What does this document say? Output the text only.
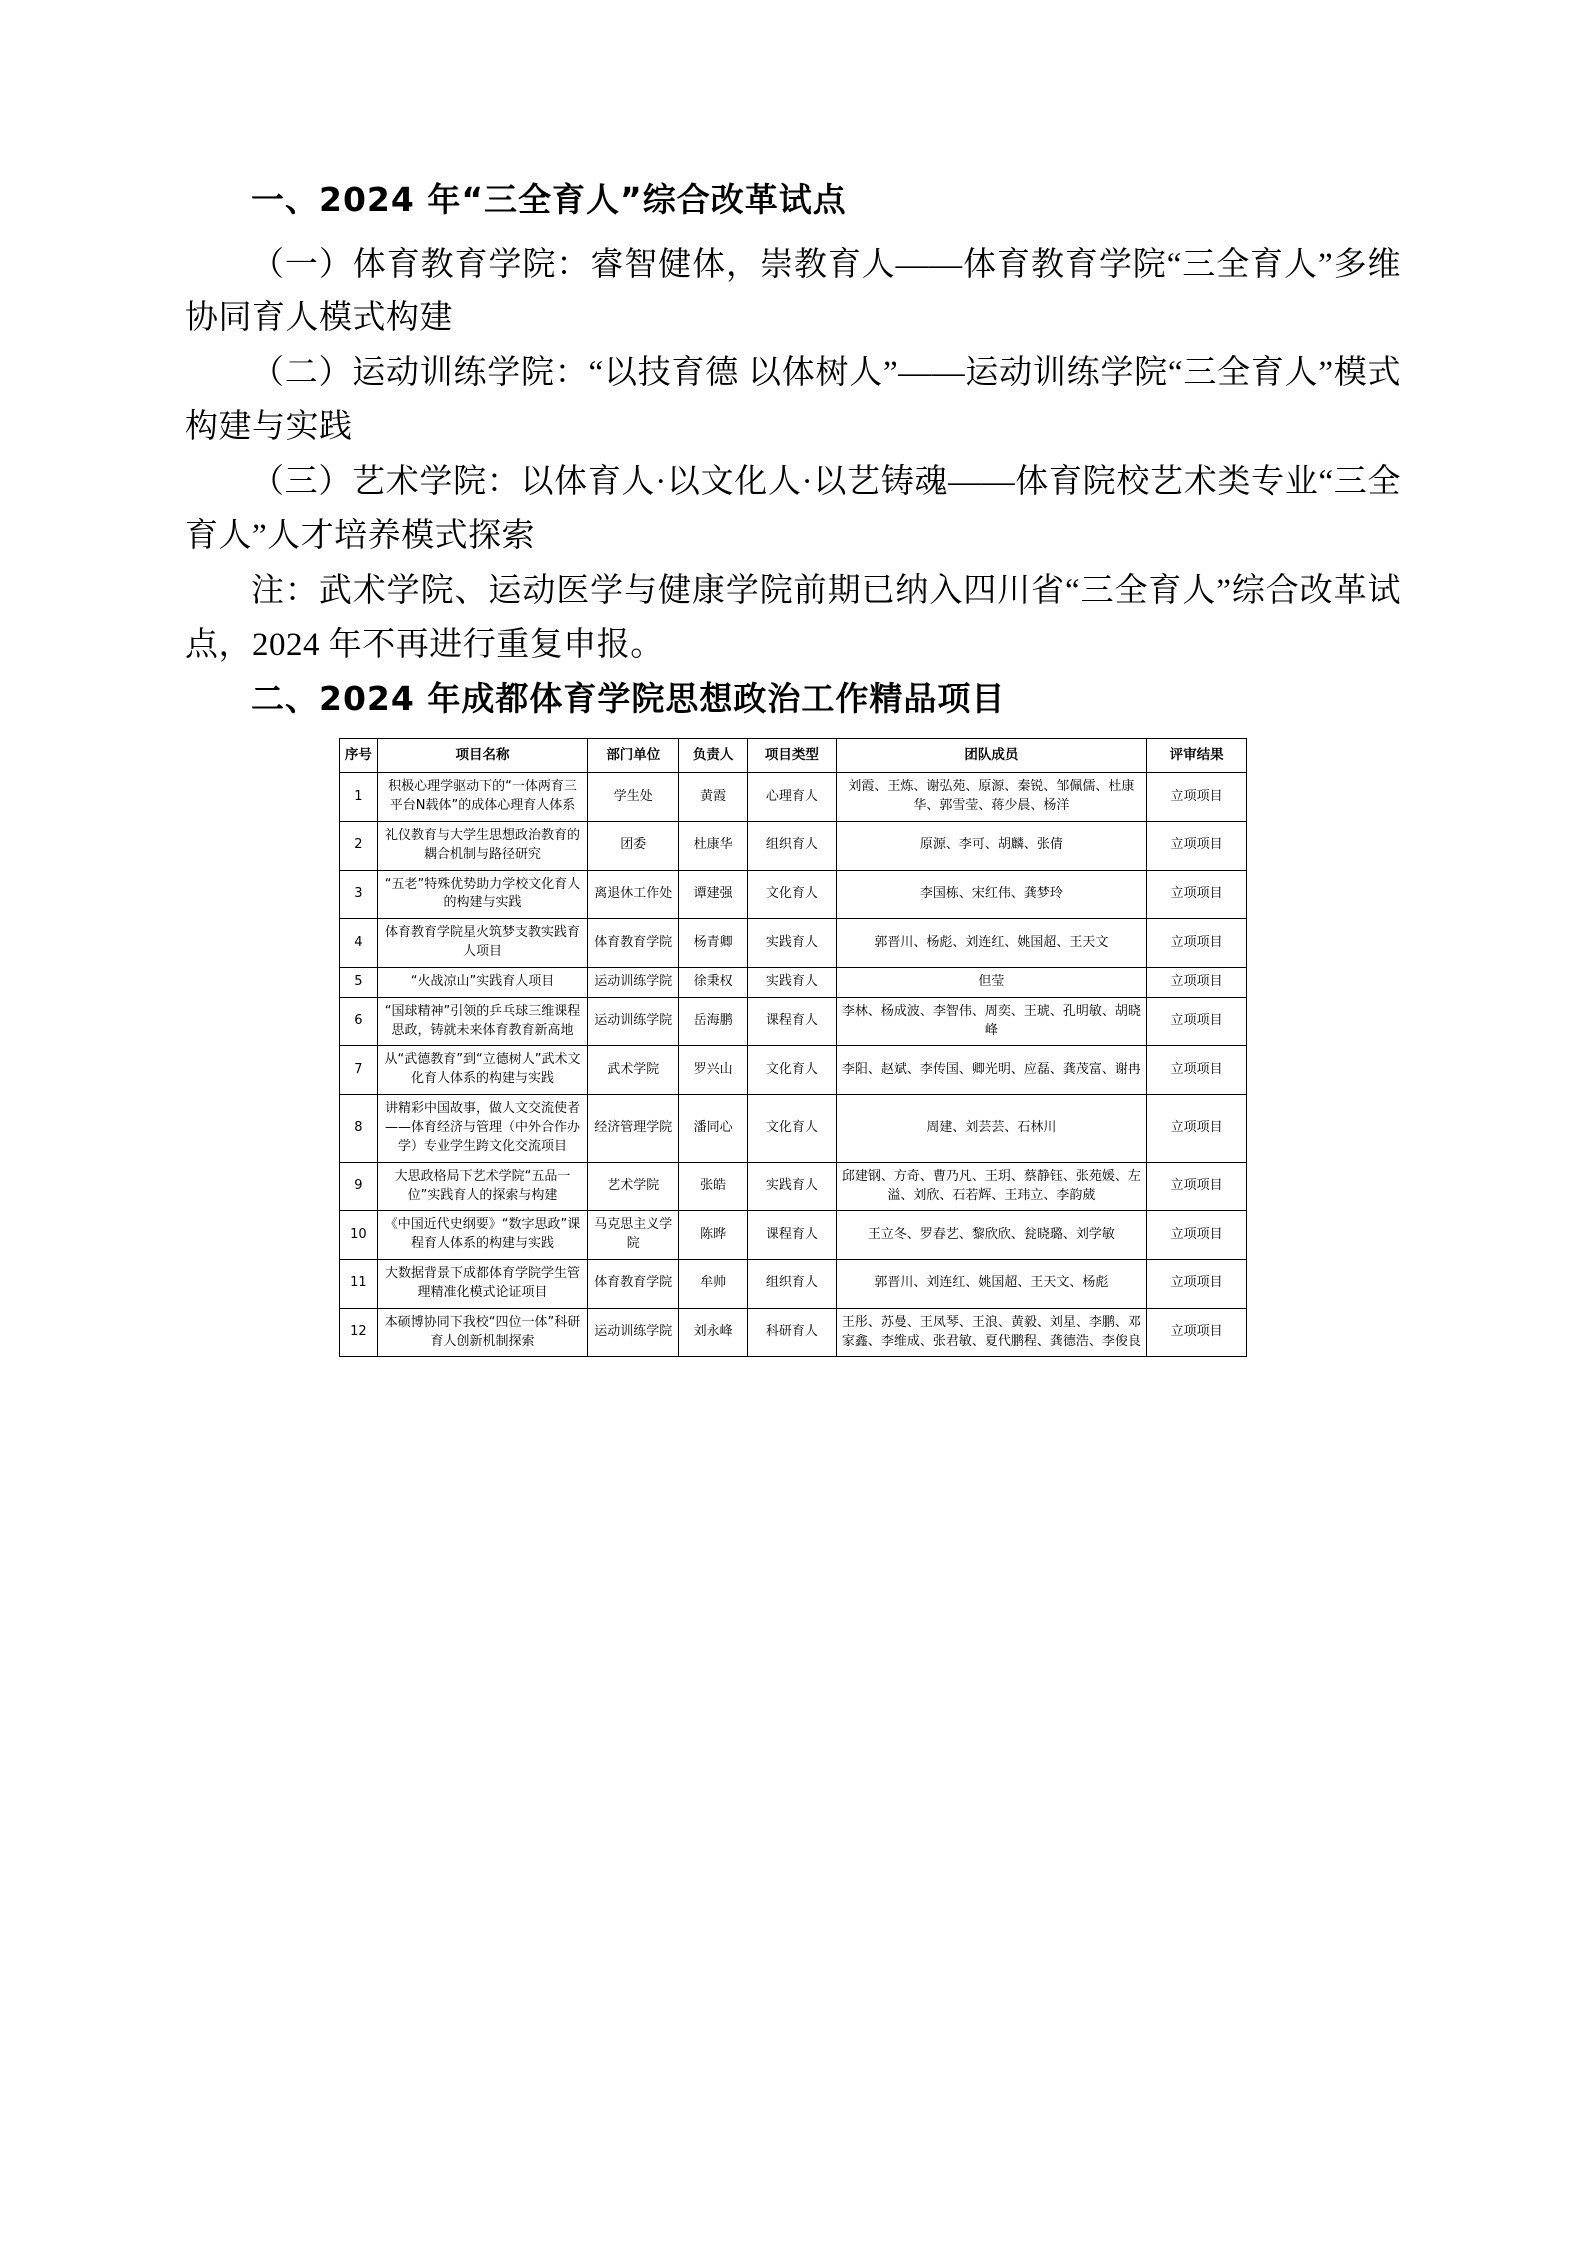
一、2024 年“三全育人”综合改革试点

（一）体育教育学院：睿智健体，崇教育人——体育教育学院“三全育人”多维协同育人模式构建

（二）运动训练学院：“以技育德 以体树人”——运动训练学院“三全育人”模式构建与实践

（三）艺术学院：以体育人·以文化人·以艺铸魂——体育院校艺术类专业“三全育人”人才培养模式探索

注：武术学院、运动医学与健康学院前期已纳入四川省“三全育人”综合改革试点，2024 年不再进行重复申报。

二、2024 年成都体育学院思想政治工作精品项目
序号	项目名称	部门单位	负责人	项目类型	团队成员	评审结果
1	积极心理学驱动下的“一体两育三平台N载体”的成体心理育人体系	学生处	黄霞	心理育人	刘霞、王炼、谢弘苑、原源、秦锐、邹佩儒、杜康华、郭雪莹、蒋少晨、杨洋	立项项目
2	礼仪教育与大学生思想政治教育的耦合机制与路径研究	团委	杜康华	组织育人	原源、李可、胡麟、张倩	立项项目
3	“五老”特殊优势助力学校文化育人的构建与实践	离退休工作处	谭建强	文化育人	李国栋、宋红伟、龚梦玲	立项项目
4	体育教育学院星火筑梦支教实践育人项目	体育教育学院	杨青卿	实践育人	郭晋川、杨彪、刘连红、姚国超、王天文	立项项目
5	“火战凉山”实践育人项目	运动训练学院	徐秉权	实践育人	但莹	立项项目
6	“国球精神”引领的乒乓球三维课程思政，铸就未来体育教育新高地	运动训练学院	岳海鹏	课程育人	李林、杨成波、李智伟、周奕、王琥、孔明敏、胡晓峰	立项项目
7	从“武德教育”到“立德树人”武术文化育人体系的构建与实践	武术学院	罗兴山	文化育人	李阳、赵斌、李传国、卿光明、应磊、龚茂富、谢冉	立项项目
8	讲精彩中国故事，做人文交流使者——体育经济与管理（中外合作办学）专业学生跨文化交流项目	经济管理学院	潘同心	文化育人	周建、刘芸芸、石林川	立项项目
9	大思政格局下艺术学院“五品一位”实践育人的探索与构建	艺术学院	张皓	实践育人	邱建钢、方奇、曹乃凡、王玥、蔡静钰、张苑媛、左溢、刘欣、石若辉、王玮立、李韵葳	立项项目
10	《中国近代史纲要》“数字思政”课程育人体系的构建与实践	马克思主义学院	陈晔	课程育人	王立冬、罗春艺、黎欣欣、瓮晓璐、刘学敏	立项项目
11	大数据背景下成都体育学院学生管理精准化模式论证项目	体育教育学院	牟帅	组织育人	郭晋川、刘连红、姚国超、王天文、杨彪	立项项目
12	本硕博协同下我校“四位一体”科研育人创新机制探索	运动训练学院	刘永峰	科研育人	王彤、苏曼、王凤琴、王浪、黄毅、刘星、李鹏、邓家鑫、李维成、张君敏、夏代鹏程、龚德浩、李俊良	立项项目
